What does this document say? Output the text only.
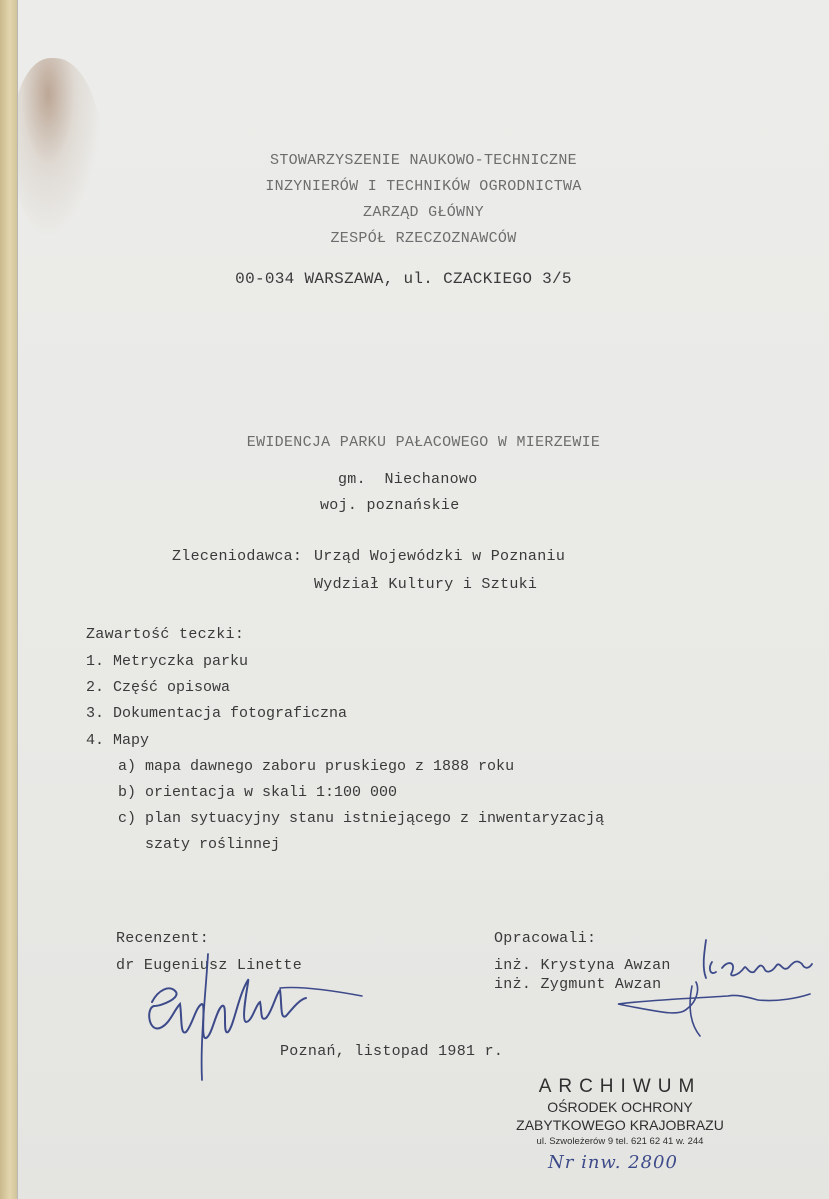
STOWARZYSZENIE NAUKOWO-TECHNICZNE
INZYNIERÓW I TECHNIKÓW OGRODNICTWA
ZARZĄD GŁÓWNY
ZESPÓŁ RZECZOZNAWCÓW
00-034 WARSZAWA, ul. CZACKIEGO 3/5
EWIDENCJA PARKU PAŁACOWEGO W MIERZEWIE
gm.  Niechanowo
woj. poznańskie
Zleceniodawca: Urząd Wojewódzki w Poznaniu
Wydział Kultury i Sztuki
Zawartość teczki:
1. Metryczka parku
2. Część opisowa
3. Dokumentacja fotograficzna
4. Mapy
a) mapa dawnego zaboru pruskiego z 1888 roku
b) orientacja w skali 1:100 000
c) plan sytuacyjny stanu istniejącego z inwentaryzacją
szaty roślinnej
Recenzent:
dr Eugeniusz Linette
Opracowali:
inż. Krystyna Awzan
inż. Zygmunt Awzan
Poznań, listopad 1981 r.
ARCHIWUM
OŚRODEK OCHRONY
ZABYTKOWEGO KRAJOBRAZU
ul. Szwoleżerów 9 tel. 621 62 41 w. 244
Nr inw. 2800
